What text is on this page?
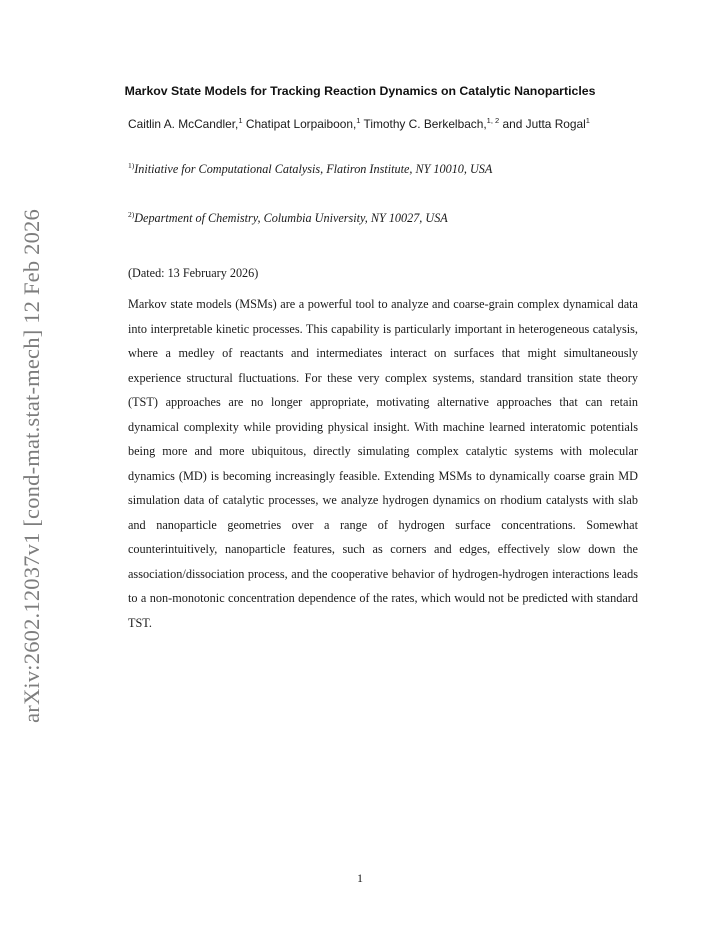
arXiv:2602.12037v1 [cond-mat.stat-mech] 12 Feb 2026
Markov State Models for Tracking Reaction Dynamics on Catalytic Nanoparticles
Caitlin A. McCandler,$^1$ Chatipat Lorpaiboon,$^1$ Timothy C. Berkelbach,$^{1, 2}$ and Jutta Rogal$^1$
$^{1)}$Initiative for Computational Catalysis, Flatiron Institute, NY 10010, USA
$^{2)}$Department of Chemistry, Columbia University, NY 10027, USA
(Dated: 13 February 2026)
Markov state models (MSMs) are a powerful tool to analyze and coarse-grain complex dynamical data into interpretable kinetic processes. This capability is particularly important in heterogeneous catalysis, where a medley of reactants and intermediates interact on surfaces that might simultaneously experience structural fluctuations. For these very complex systems, standard transition state theory (TST) approaches are no longer appropriate, motivating alternative approaches that can retain dynamical complexity while providing physical insight. With machine learned interatomic potentials being more and more ubiquitous, directly simulating complex catalytic systems with molecular dynamics (MD) is becoming increasingly feasible. Extending MSMs to dynamically coarse grain MD simulation data of catalytic processes, we analyze hydrogen dynamics on rhodium catalysts with slab and nanoparticle geometries over a range of hydrogen surface concentrations. Somewhat counterintuitively, nanoparticle features, such as corners and edges, effectively slow down the association/dissociation process, and the cooperative behavior of hydrogen-hydrogen interactions leads to a non-monotonic concentration dependence of the rates, which would not be predicted with standard TST.
1
